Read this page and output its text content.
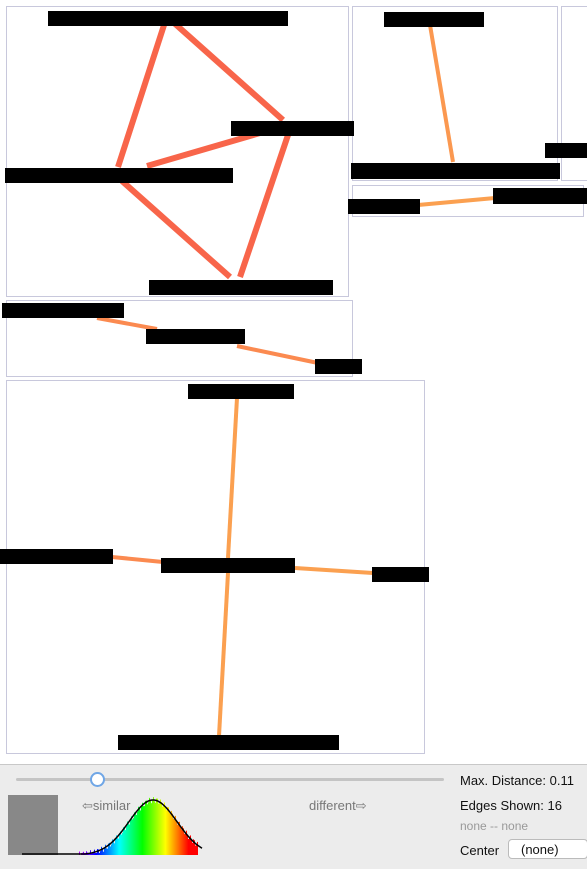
⇦similar	different⇨
Max. Distance: 0.11
Edges Shown: 16
none -- none
Center	(none)
